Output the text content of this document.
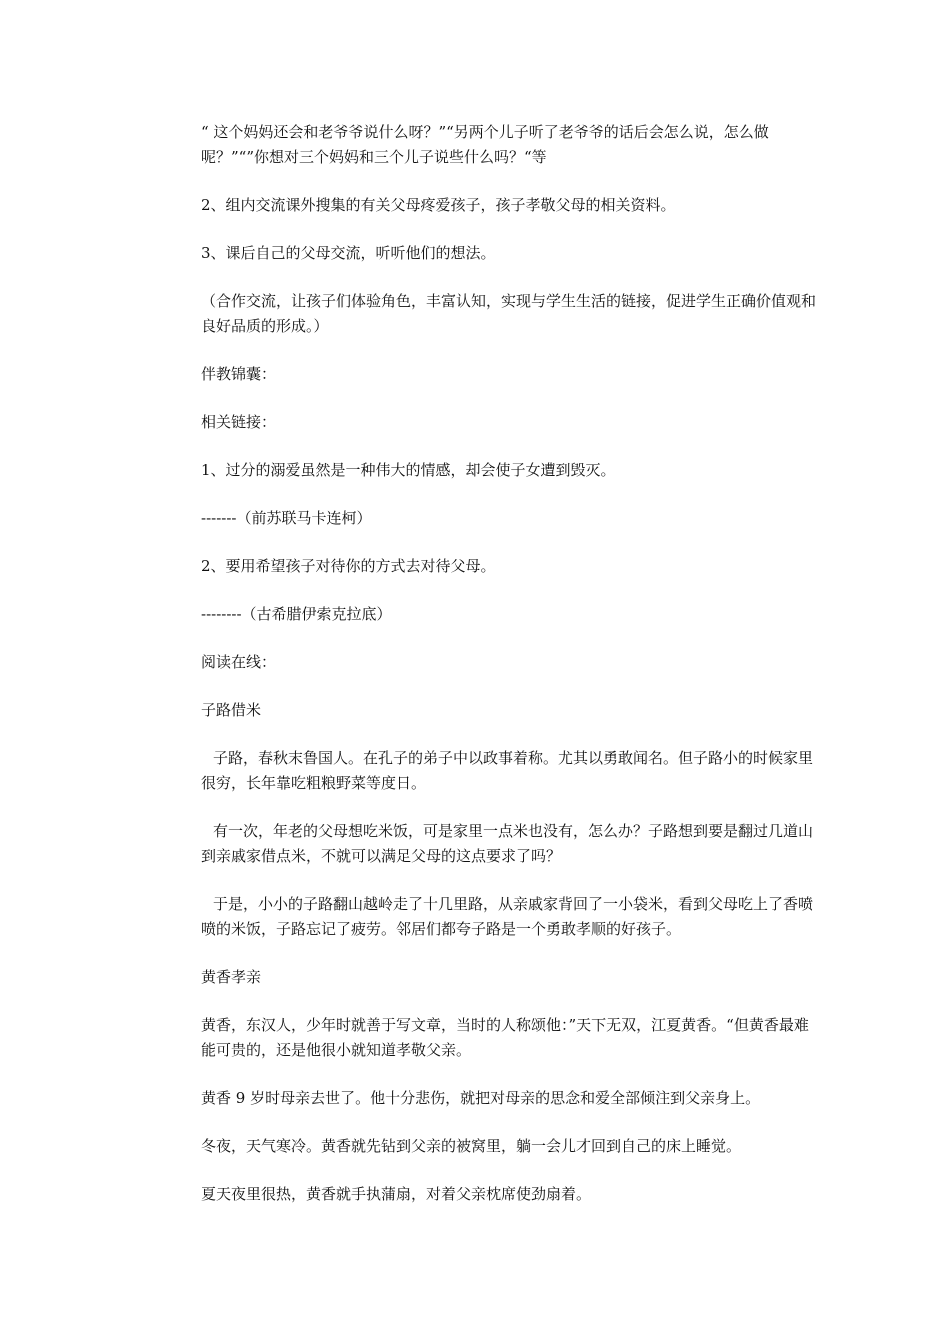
“ 这个妈妈还会和老爷爷说什么呀？”“另两个儿子听了老爷爷的话后会怎么说，怎么做呢？”“”你想对三个妈妈和三个儿子说些什么吗？“等

2、组内交流课外搜集的有关父母疼爱孩子，孩子孝敬父母的相关资料。

3、课后自己的父母交流，听听他们的想法。

（合作交流，让孩子们体验角色，丰富认知，实现与学生生活的链接，促进学生正确价值观和良好品质的形成。）

伴教锦囊：

相关链接：

1、过分的溺爱虽然是一种伟大的情感，却会使子女遭到毁灭。

-------（前苏联马卡连柯）

2、要用希望孩子对待你的方式去对待父母。

--------（古希腊伊索克拉底）

阅读在线：

子路借米

子路，春秋末鲁国人。在孔子的弟子中以政事着称。尤其以勇敢闻名。但子路小的时候家里很穷，长年靠吃粗粮野菜等度日。

有一次，年老的父母想吃米饭，可是家里一点米也没有，怎么办？子路想到要是翻过几道山到亲戚家借点米，不就可以满足父母的这点要求了吗？

于是，小小的子路翻山越岭走了十几里路，从亲戚家背回了一小袋米，看到父母吃上了香喷喷的米饭，子路忘记了疲劳。邻居们都夸子路是一个勇敢孝顺的好孩子。

黄香孝亲

黄香，东汉人，少年时就善于写文章，当时的人称颂他：”天下无双，江夏黄香。“但黄香最难能可贵的，还是他很小就知道孝敬父亲。

黄香 9 岁时母亲去世了。他十分悲伤，就把对母亲的思念和爱全部倾注到父亲身上。

冬夜，天气寒冷。黄香就先钻到父亲的被窝里，躺一会儿才回到自己的床上睡觉。

夏天夜里很热，黄香就手执蒲扇，对着父亲枕席使劲扇着。
